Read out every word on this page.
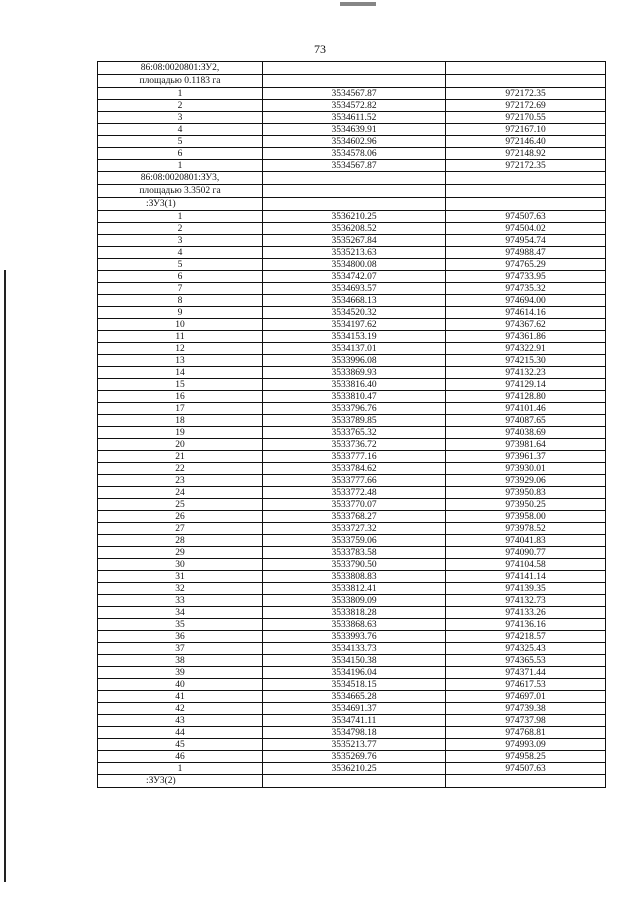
73
86:08:0020801:ЗУ2,		
площадью 0.1183 га		
1	3534567.87	972172.35
2	3534572.82	972172.69
3	3534611.52	972170.55
4	3534639.91	972167.10
5	3534602.96	972146.40
6	3534578.06	972148.92
1	3534567.87	972172.35
86:08:0020801:ЗУ3,		
площадью 3.3502 га		
:ЗУ3(1)		
1	3536210.25	974507.63
2	3536208.52	974504.02
3	3535267.84	974954.74
4	3535213.63	974988.47
5	3534800.08	974765.29
6	3534742.07	974733.95
7	3534693.57	974735.32
8	3534668.13	974694.00
9	3534520.32	974614.16
10	3534197.62	974367.62
11	3534153.19	974361.86
12	3534137.01	974322.91
13	3533996.08	974215.30
14	3533869.93	974132.23
15	3533816.40	974129.14
16	3533810.47	974128.80
17	3533796.76	974101.46
18	3533789.85	974087.65
19	3533765.32	974038.69
20	3533736.72	973981.64
21	3533777.16	973961.37
22	3533784.62	973930.01
23	3533777.66	973929.06
24	3533772.48	973950.83
25	3533770.07	973950.25
26	3533768.27	973958.00
27	3533727.32	973978.52
28	3533759.06	974041.83
29	3533783.58	974090.77
30	3533790.50	974104.58
31	3533808.83	974141.14
32	3533812.41	974139.35
33	3533809.09	974132.73
34	3533818.28	974133.26
35	3533868.63	974136.16
36	3533993.76	974218.57
37	3534133.73	974325.43
38	3534150.38	974365.53
39	3534196.04	974371.44
40	3534518.15	974617.53
41	3534665.28	974697.01
42	3534691.37	974739.38
43	3534741.11	974737.98
44	3534798.18	974768.81
45	3535213.77	974993.09
46	3535269.76	974958.25
1	3536210.25	974507.63
:ЗУ3(2)		
